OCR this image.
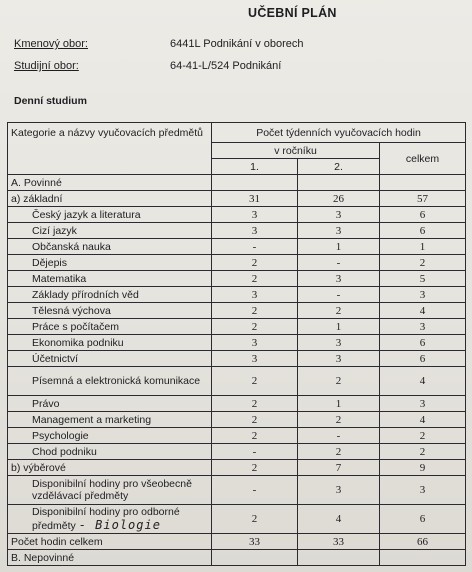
UČEBNÍ PLÁN
Kmenový obor:	6441L Podnikání v oborech
Studijní obor:	64-41-L/524 Podnikání
Denní studium
Kategorie a názvy vyučovacích předmětů	Počet týdenních vyučovacích hodin		
	v ročníku		celkem
	1.	2.	
A. Povinné			
a) základní	31	26	57
Český jazyk a literatura	3	3	6
Cizí jazyk	3	3	6
Občanská nauka	-	1	1
Dějepis	2	-	2
Matematika	2	3	5
Základy přírodních věd	3	-	3
Tělesná výchova	2	2	4
Práce s počítačem	2	1	3
Ekonomika podniku	3	3	6
Účetnictví	3	3	6
Písemná a elektronická komunikace	2	2	4
Právo	2	1	3
Management a marketing	2	2	4
Psychologie	2	-	2
Chod podniku	-	2	2
b) výběrové	2	7	9
Disponibilní hodiny pro všeobecně vzdělávací předměty	-	3	3
Disponibilní hodiny pro odborné předměty - Biologie	2	4	6
Počet hodin celkem	33	33	66
B. Nepovinné			
